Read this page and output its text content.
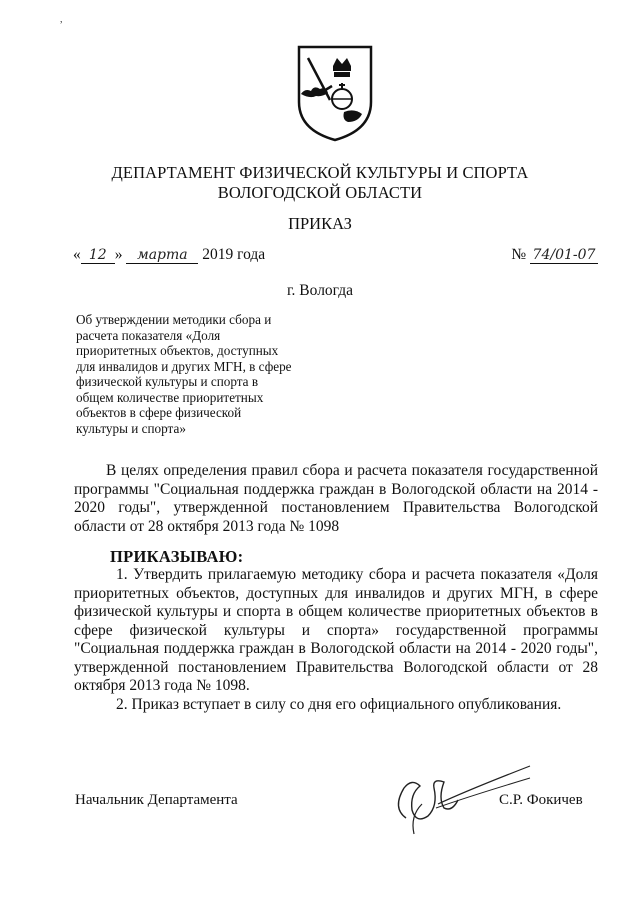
,
ДЕПАРТАМЕНТ ФИЗИЧЕСКОЙ КУЛЬТУРЫ И СПОРТА
ВОЛОГОДСКОЙ ОБЛАСТИ
ПРИКАЗ
« 12 » марта 2019 года	№ 74/01-07
г. Вологда
Об утверждении методики сбора и расчета показателя «Доля приоритетных объектов, доступных для инвалидов и других МГН, в сфере физической культуры и спорта в общем количестве приоритетных объектов в сфере физической культуры и спорта»

В целях определения правил сбора и расчета показателя государственной программы "Социальная поддержка граждан в Вологодской области на 2014 - 2020 годы", утвержденной постановлением Правительства Вологодской области от 28 октября 2013 года № 1098

ПРИКАЗЫВАЮ:

1. Утвердить прилагаемую методику сбора и расчета показателя «Доля приоритетных объектов, доступных для инвалидов и других МГН, в сфере физической культуры и спорта в общем количестве приоритетных объектов в сфере физической культуры и спорта» государственной программы "Социальная поддержка граждан в Вологодской области на 2014 - 2020 годы", утвержденной постановлением Правительства Вологодской области от 28 октября 2013 года № 1098.

2. Приказ вступает в силу со дня его официального опубликования.

Начальник Департамента	С.Р. Фокичев
